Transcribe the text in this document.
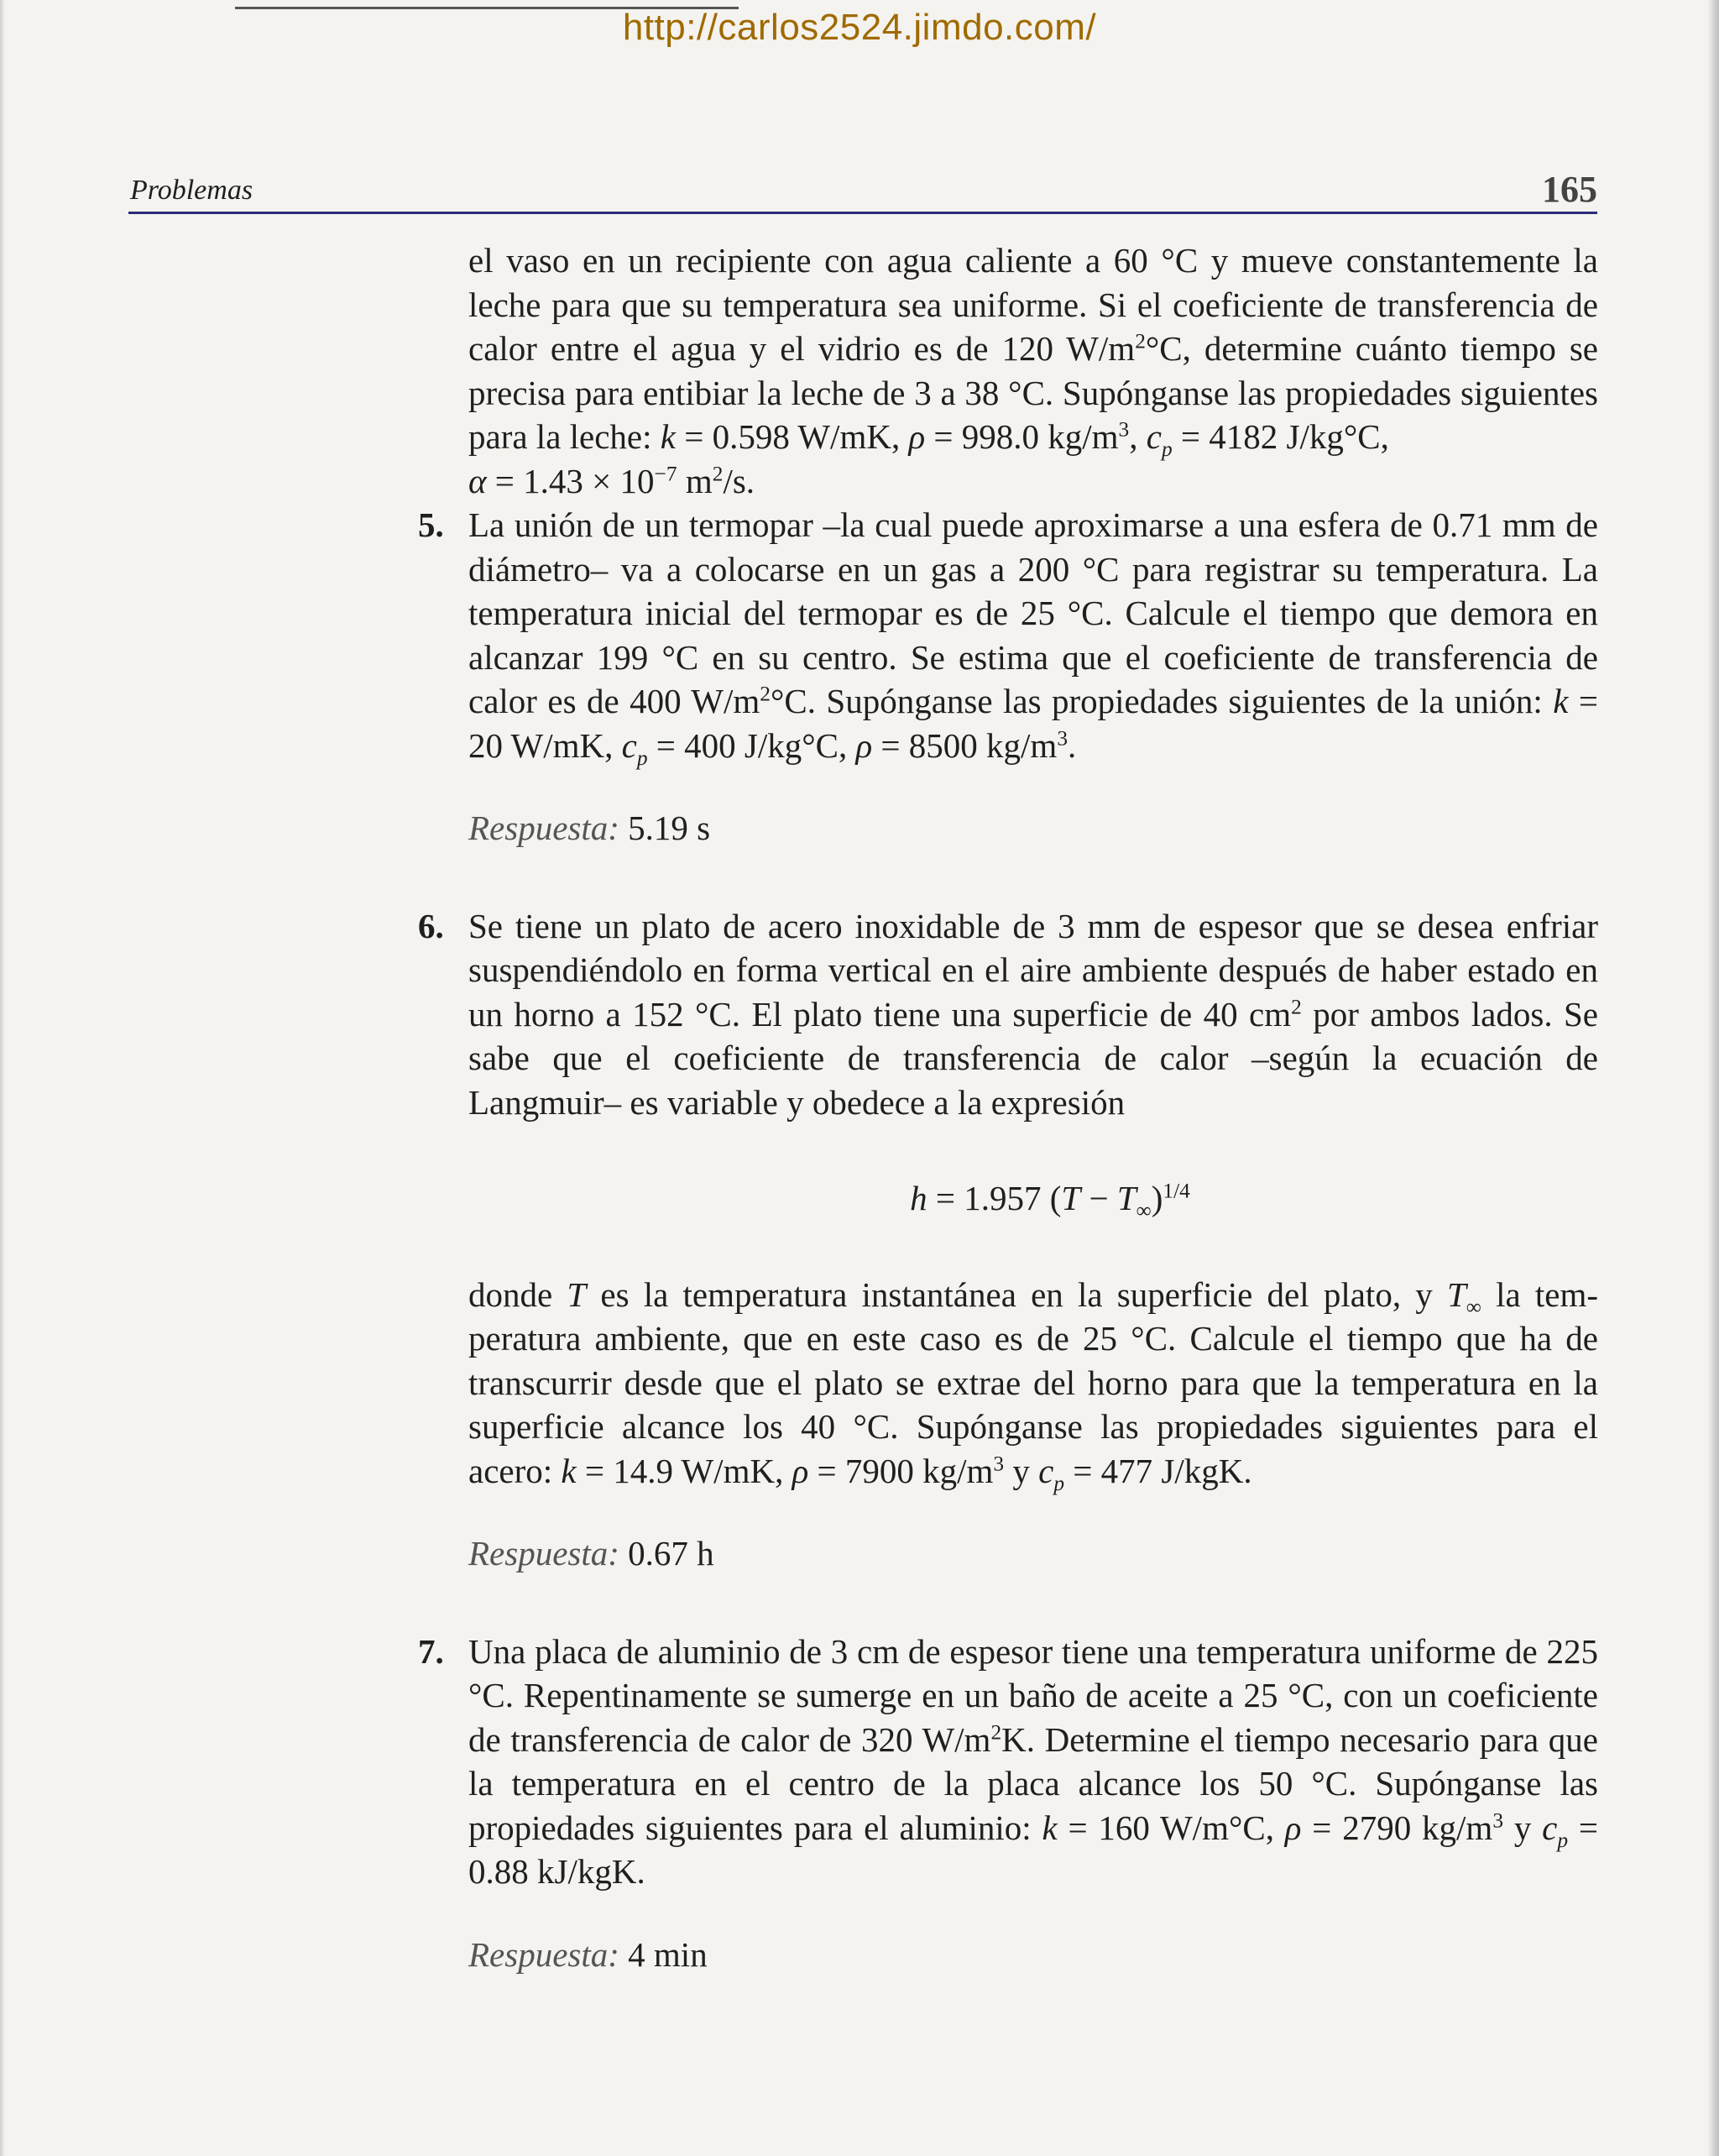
http://carlos2524.jimdo.com/
Problemas	165

el vaso en un recipiente con agua caliente a 60 °C y mueve constantemente la leche para que su temperatura sea uniforme. Si el coeficiente de transferencia de calor entre el agua y el vidrio es de 120 $W/m^2^\circ C$, determine cuánto tiempo se precisa para entibiar la leche de 3 a 38 °C. Supónganse las propiedades siguientes para la leche: k = 0.598 W/mK, ρ = 998.0 $kg/m^3$, $c_p = 4182$ J/kg°C,
$\alpha = 1.43 \times 10^{-7}$ $m^2/s$.

5. La unión de un termopar –la cual puede aproximarse a una esfera de 0.71 mm de diámetro– va a colocarse en un gas a 200 °C para registrar su temperatura. La temperatura inicial del termopar es de 25 °C. Calcule el tiempo que demora en alcanzar 199 °C en su centro. Se estima que el coeficiente de transferencia de calor es de 400 $W/m^2^\circ C$. Supónganse las propiedades siguientes de la unión: k = 20 W/mK, $c_p = 400$ J/kg°C, ρ = 8500 $kg/m^3$.

Respuesta: 5.19 s

6. Se tiene un plato de acero inoxidable de 3 mm de espesor que se desea enfriar suspendiéndolo en forma vertical en el aire ambiente después de haber estado en un horno a 152 °C. El plato tiene una superficie de 40 $cm^2$ por ambos lados. Se sabe que el coeficiente de transferencia de calor –según la ecuación de Langmuir– es variable y obedece a la expresión

h = 1.957 $(T - T_\infty)^{1/4}$

donde T es la temperatura instantánea en la superficie del plato, y $T_\infty$ la temperatura ambiente, que en este caso es de 25 °C. Calcule el tiempo que ha de transcurrir desde que el plato se extrae del horno para que la temperatura en la superficie alcance los 40 °C. Supónganse las propiedades siguientes para el acero: k = 14.9 W/mK, ρ = 7900 $kg/m^3$ y $c_p = 477$ J/kgK.

Respuesta: 0.67 h

7. Una placa de aluminio de 3 cm de espesor tiene una temperatura uniforme de 225 °C. Repentinamente se sumerge en un baño de aceite a 25 °C, con un coeficiente de transferencia de calor de 320 $W/m^2K$. Determine el tiempo necesario para que la temperatura en el centro de la placa alcance los 50 °C. Supónganse las propiedades siguientes para el aluminio: k = 160 W/m°C, ρ = 2790 $kg/m^3$ y $c_p = 0.88$ kJ/kgK.

Respuesta: 4 min
